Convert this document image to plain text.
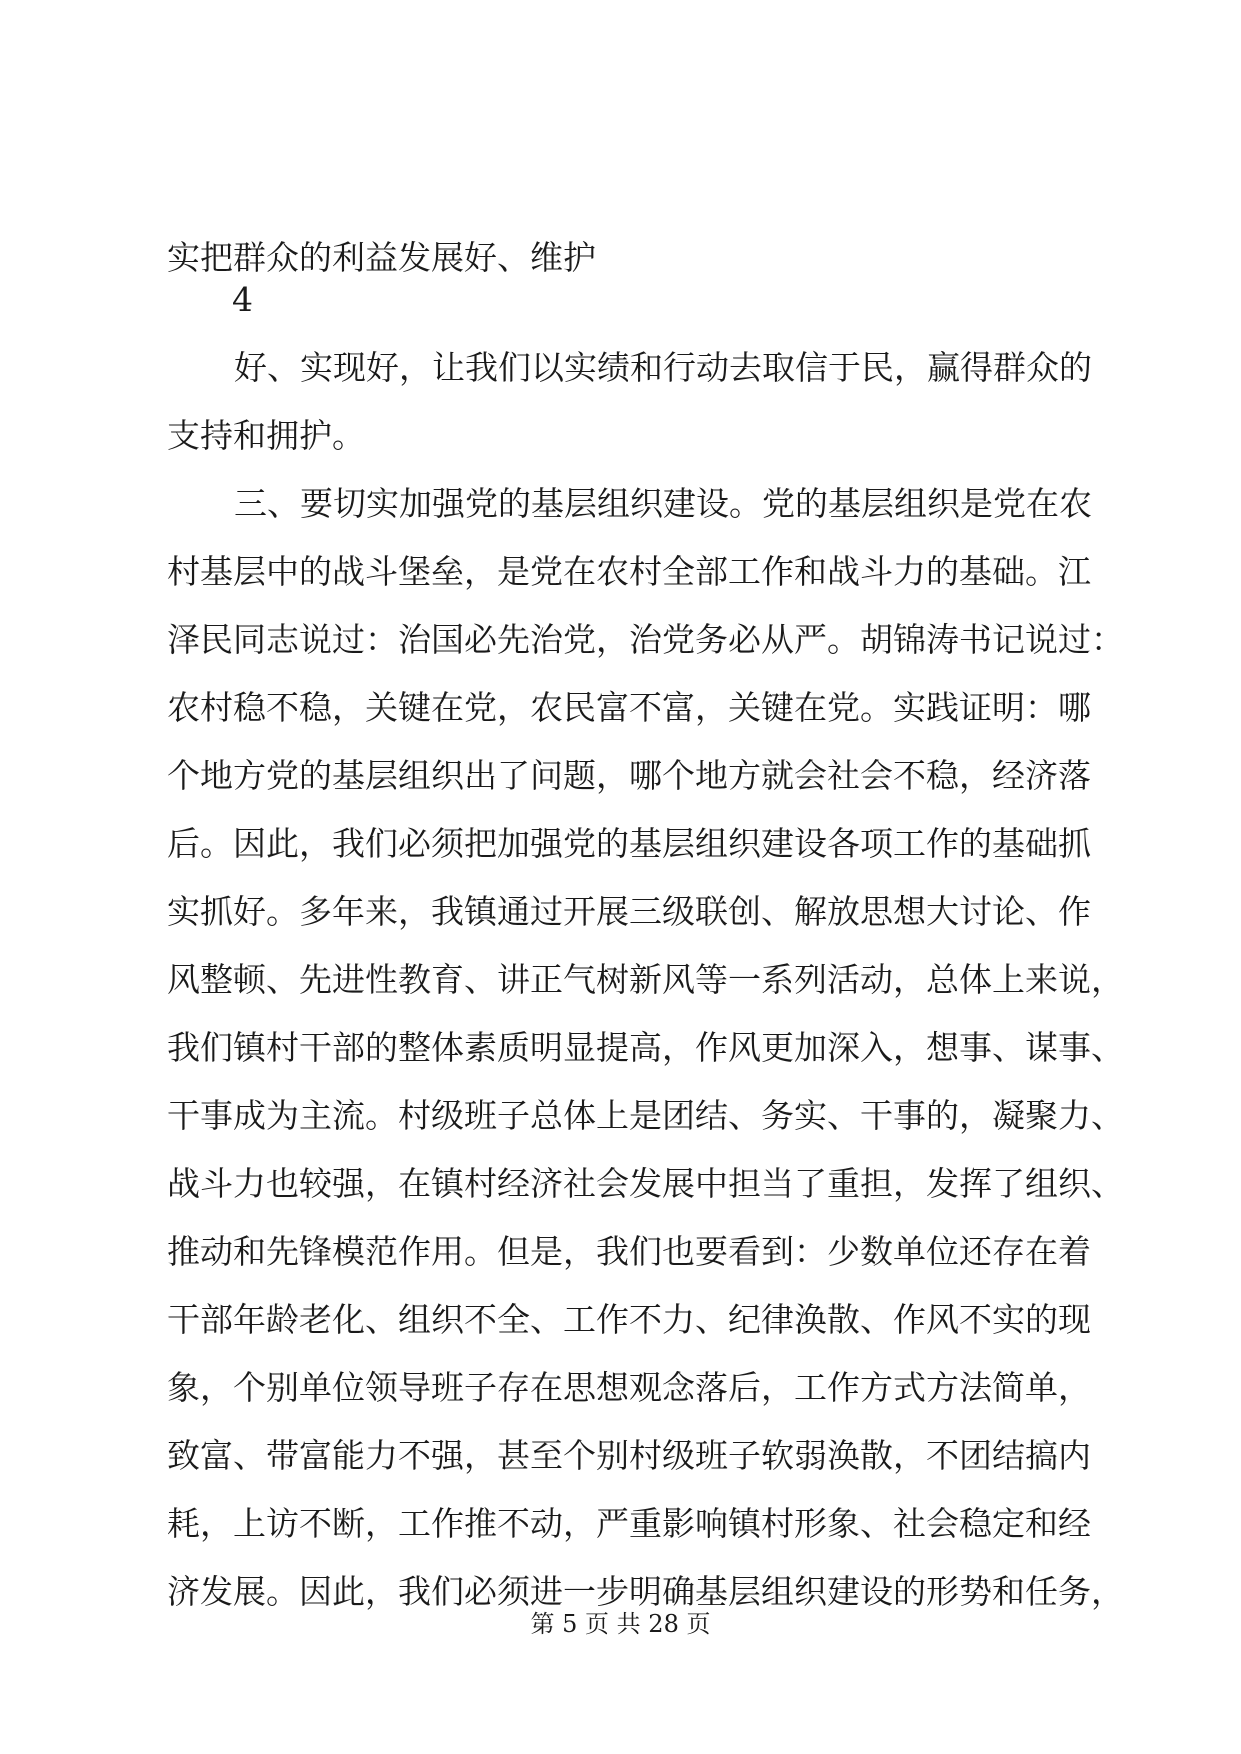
实把群众的利益发展好、维护
4
好、实现好，让我们以实绩和行动去取信于民，赢得群众的
支持和拥护。
三、要切实加强党的基层组织建设。党的基层组织是党在农
村基层中的战斗堡垒，是党在农村全部工作和战斗力的基础。江
泽民同志说过：治国必先治党，治党务必从严。胡锦涛书记说过：
农村稳不稳，关键在党，农民富不富，关键在党。实践证明：哪
个地方党的基层组织出了问题，哪个地方就会社会不稳，经济落
后。因此，我们必须把加强党的基层组织建设各项工作的基础抓
实抓好。多年来，我镇通过开展三级联创、解放思想大讨论、作
风整顿、先进性教育、讲正气树新风等一系列活动，总体上来说，
我们镇村干部的整体素质明显提高，作风更加深入，想事、谋事、
干事成为主流。村级班子总体上是团结、务实、干事的，凝聚力、
战斗力也较强，在镇村经济社会发展中担当了重担，发挥了组织、
推动和先锋模范作用。但是，我们也要看到：少数单位还存在着
干部年龄老化、组织不全、工作不力、纪律涣散、作风不实的现
象，个别单位领导班子存在思想观念落后，工作方式方法简单，
致富、带富能力不强，甚至个别村级班子软弱涣散，不团结搞内
耗，上访不断，工作推不动，严重影响镇村形象、社会稳定和经
济发展。因此，我们必须进一步明确基层组织建设的形势和任务，
第 5 页 共 28 页
